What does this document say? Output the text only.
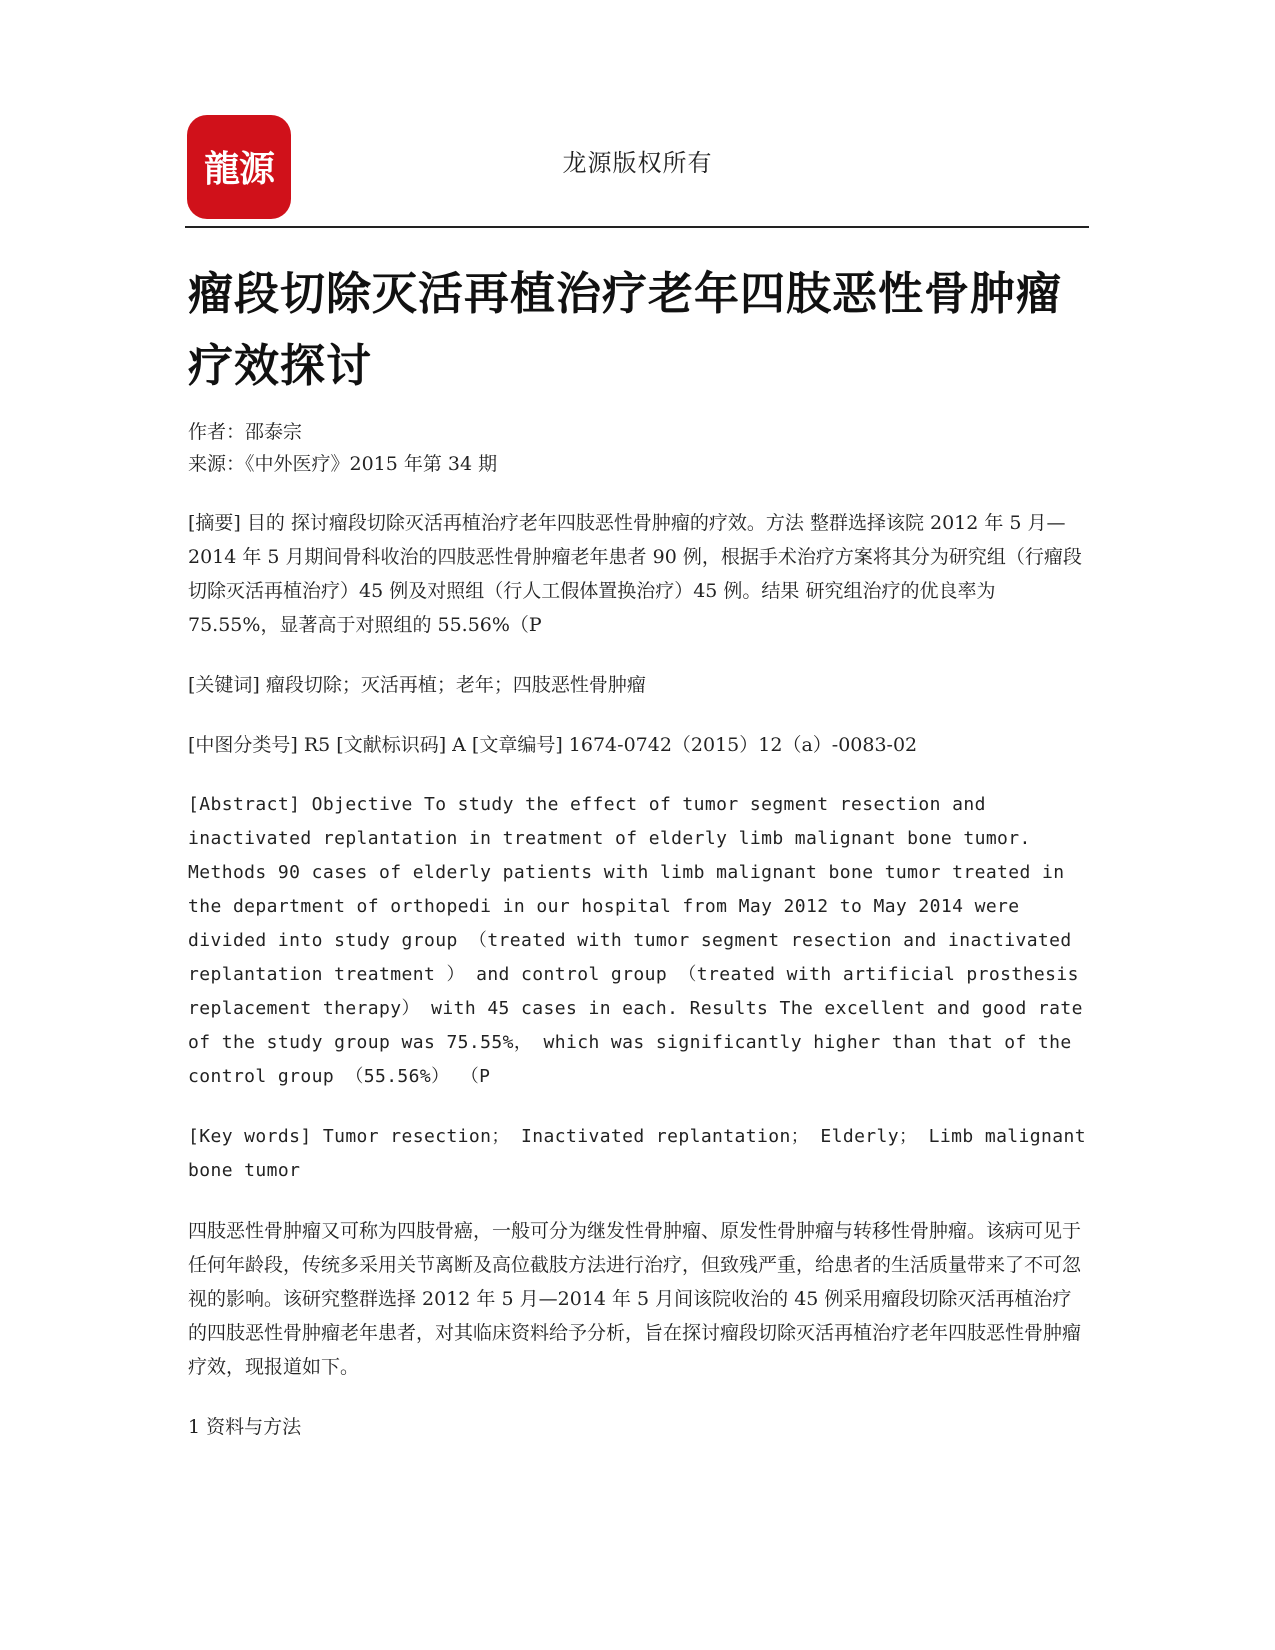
龍源	龙源版权所有
瘤段切除灭活再植治疗老年四肢恶性骨肿瘤疗效探讨
作者：邵泰宗
来源：《中外医疗》2015 年第 34 期

[摘要] 目的 探讨瘤段切除灭活再植治疗老年四肢恶性骨肿瘤的疗效。方法 整群选择该院 2012 年 5 月—2014 年 5 月期间骨科收治的四肢恶性骨肿瘤老年患者 90 例，根据手术治疗方案将其分为研究组（行瘤段切除灭活再植治疗）45 例及对照组（行人工假体置换治疗）45 例。结果 研究组治疗的优良率为 75.55%，显著高于对照组的 55.56%（P

[关键词] 瘤段切除；灭活再植；老年；四肢恶性骨肿瘤

[中图分类号] R5 [文献标识码] A [文章编号] 1674-0742（2015）12（a）-0083-02

[Abstract] Objective To study the effect of tumor segment resection and inactivated replantation in treatment of elderly limb malignant bone tumor. Methods 90 cases of elderly patients with limb malignant bone tumor treated in the department of orthopedi in our hospital from May 2012 to May 2014 were divided into study group （treated with tumor segment resection and inactivated replantation treatment ） and control group （treated with artificial prosthesis replacement therapy） with 45 cases in each. Results The excellent and good rate of the study group was 75.55%， which was significantly higher than that of the control group （55.56%） （P

[Key words] Tumor resection； Inactivated replantation； Elderly； Limb malignant bone tumor

四肢恶性骨肿瘤又可称为四肢骨癌，一般可分为继发性骨肿瘤、原发性骨肿瘤与转移性骨肿瘤。该病可见于任何年龄段，传统多采用关节离断及高位截肢方法进行治疗，但致残严重，给患者的生活质量带来了不可忽视的影响。该研究整群选择 2012 年 5 月—2014 年 5 月间该院收治的 45 例采用瘤段切除灭活再植治疗的四肢恶性骨肿瘤老年患者，对其临床资料给予分析，旨在探讨瘤段切除灭活再植治疗老年四肢恶性骨肿瘤疗效，现报道如下。

1 资料与方法
